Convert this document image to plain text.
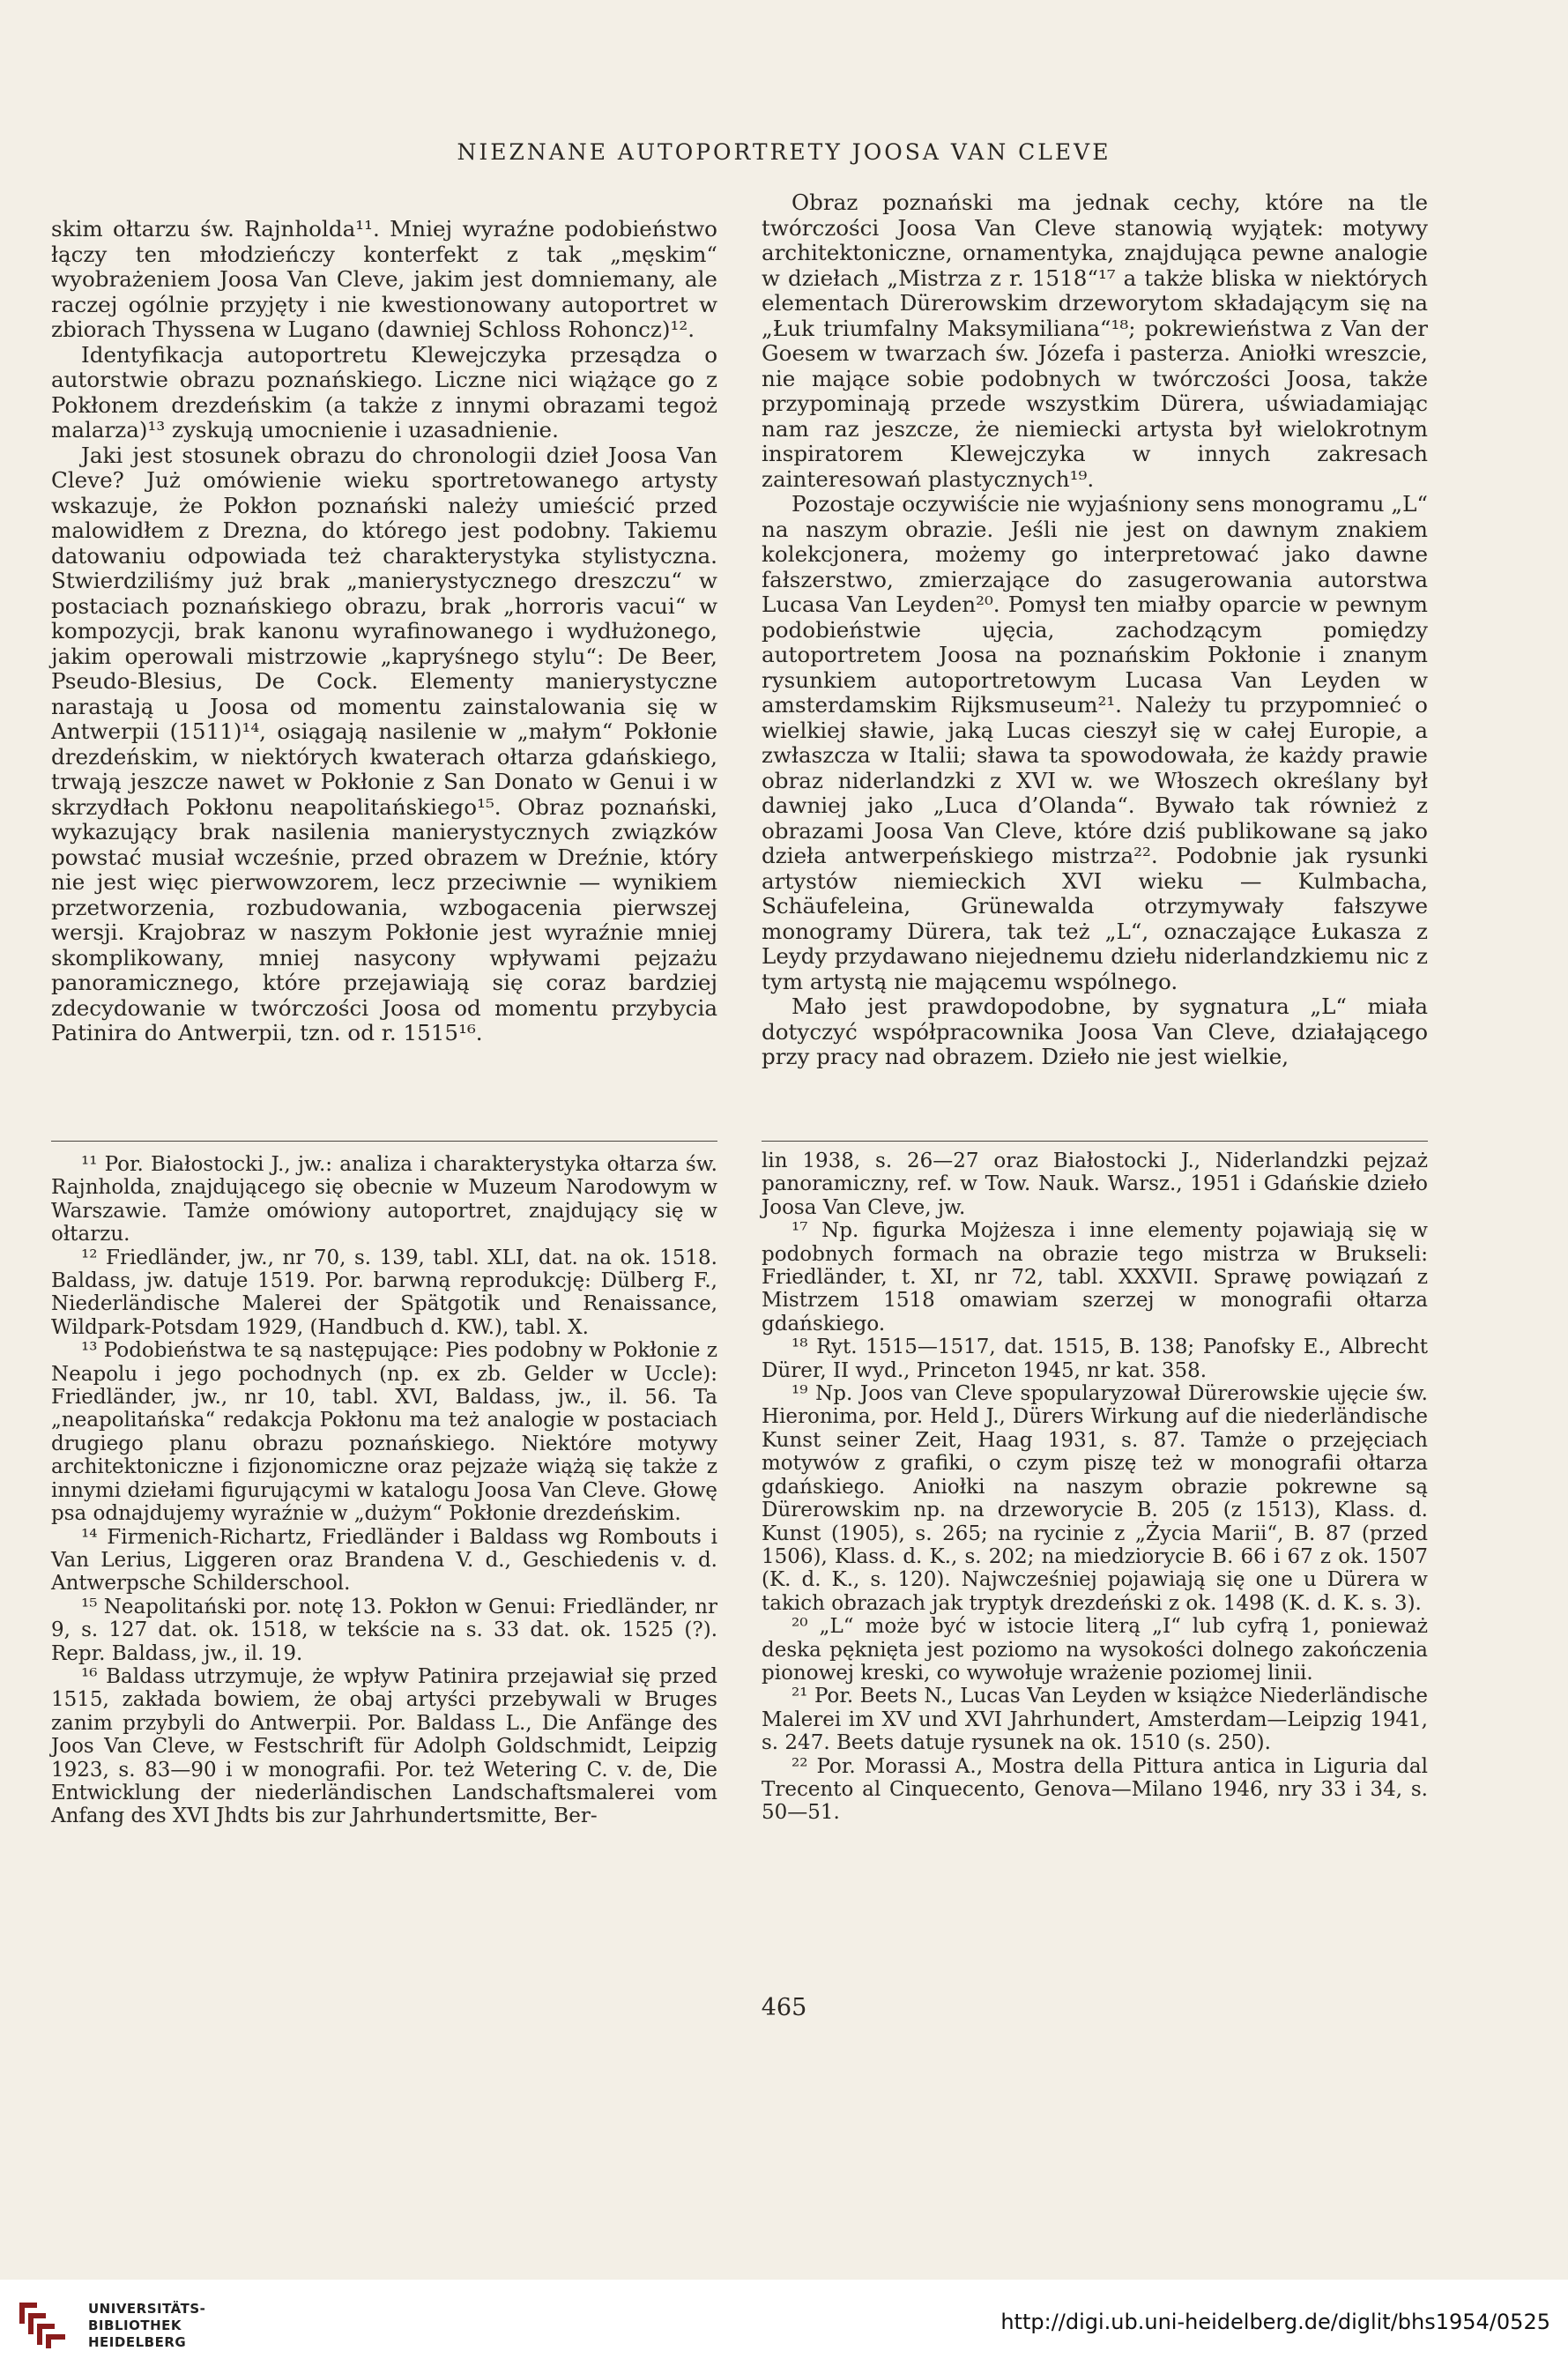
NIEZNANE AUTOPORTRETY JOOSA VAN CLEVE

skim ołtarzu św. Rajnholda¹¹. Mniej wyraźne podobieństwo łączy ten młodzieńczy konterfekt z tak „męskim“ wyobrażeniem Joosa Van Cleve, jakim jest domniemany, ale raczej ogólnie przyjęty i nie kwestionowany autoportret w zbiorach Thyssena w Lugano (dawniej Schloss Rohoncz)¹².

Identyfikacja autoportretu Klewejczyka przesądza o autorstwie obrazu poznańskiego. Liczne nici wiążące go z Pokłonem drezdeńskim (a także z innymi obrazami tegoż malarza)¹³ zyskują umocnienie i uzasadnienie.

Jaki jest stosunek obrazu do chronologii dzieł Joosa Van Cleve? Już omówienie wieku sportretowanego artysty wskazuje, że Pokłon poznański należy umieścić przed malowidłem z Drezna, do którego jest podobny. Takiemu datowaniu odpowiada też charakterystyka stylistyczna. Stwierdziliśmy już brak „manierystycznego dreszczu“ w postaciach poznańskiego obrazu, brak „horroris vacui“ w kompozycji, brak kanonu wyrafinowanego i wydłużonego, jakim operowali mistrzowie „kapryśnego stylu“: De Beer, Pseudo-Blesius, De Cock. Elementy manierystyczne narastają u Joosa od momentu zainstalowania się w Antwerpii (1511)¹⁴, osiągają nasilenie w „małym“ Pokłonie drezdeńskim, w niektórych kwaterach ołtarza gdańskiego, trwają jeszcze nawet w Pokłonie z San Donato w Genui i w skrzydłach Pokłonu neapolitańskiego¹⁵. Obraz poznański, wykazujący brak nasilenia manierystycznych związków powstać musiał wcześnie, przed obrazem w Dreźnie, który nie jest więc pierwowzorem, lecz przeciwnie — wynikiem przetworzenia, rozbudowania, wzbogacenia pierwszej wersji. Krajobraz w naszym Pokłonie jest wyraźnie mniej skomplikowany, mniej nasycony wpływami pejzażu panoramicznego, które przejawiają się coraz bardziej zdecydowanie w twórczości Joosa od momentu przybycia Patinira do Antwerpii, tzn. od r. 1515¹⁶.

Obraz poznański ma jednak cechy, które na tle twórczości Joosa Van Cleve stanowią wyjątek: motywy architektoniczne, ornamentyka, znajdująca pewne analogie w dziełach „Mistrza z r. 1518“¹⁷ a także bliska w niektórych elementach Dürerowskim drzeworytom składającym się na „Łuk triumfalny Maksymiliana“¹⁸; pokrewieństwa z Van der Goesem w twarzach św. Józefa i pasterza. Aniołki wreszcie, nie mające sobie podobnych w twórczości Joosa, także przypominają przede wszystkim Dürera, uświadamiając nam raz jeszcze, że niemiecki artysta był wielokrotnym inspiratorem Klewejczyka w innych zakresach zainteresowań plastycznych¹⁹.

Pozostaje oczywiście nie wyjaśniony sens monogramu „L“ na naszym obrazie. Jeśli nie jest on dawnym znakiem kolekcjonera, możemy go interpretować jako dawne fałszerstwo, zmierzające do zasugerowania autorstwa Lucasa Van Leyden²⁰. Pomysł ten miałby oparcie w pewnym podobieństwie ujęcia, zachodzącym pomiędzy autoportretem Joosa na poznańskim Pokłonie i znanym rysunkiem autoportretowym Lucasa Van Leyden w amsterdamskim Rijksmuseum²¹. Należy tu przypomnieć o wielkiej sławie, jaką Lucas cieszył się w całej Europie, a zwłaszcza w Italii; sława ta spowodowała, że każdy prawie obraz niderlandzki z XVI w. we Włoszech określany był dawniej jako „Luca d’Olanda“. Bywało tak również z obrazami Joosa Van Cleve, które dziś publikowane są jako dzieła antwerpeńskiego mistrza²². Podobnie jak rysunki artystów niemieckich XVI wieku — Kulmbacha, Schäufeleina, Grünewalda otrzymywały fałszywe monogramy Dürera, tak też „L“, oznaczające Łukasza z Leydy przydawano niejednemu dziełu niderlandzkiemu nic z tym artystą nie mającemu wspólnego.

Mało jest prawdopodobne, by sygnatura „L“ miała dotyczyć współpracownika Joosa Van Cleve, działającego przy pracy nad obrazem. Dzieło nie jest wielkie,

¹¹ Por. Białostocki J., jw.: analiza i charakterystyka ołtarza św. Rajnholda, znajdującego się obecnie w Muzeum Narodowym w Warszawie. Tamże omówiony autoportret, znajdujący się w ołtarzu.

¹² Friedländer, jw., nr 70, s. 139, tabl. XLI, dat. na ok. 1518. Baldass, jw. datuje 1519. Por. barwną reprodukcję: Dülberg F., Niederländische Malerei der Spätgotik und Renaissance, Wildpark-Potsdam 1929, (Handbuch d. KW.), tabl. X.

¹³ Podobieństwa te są następujące: Pies podobny w Pokłonie z Neapolu i jego pochodnych (np. ex zb. Gelder w Uccle): Friedländer, jw., nr 10, tabl. XVI, Baldass, jw., il. 56. Ta „neapolitańska“ redakcja Pokłonu ma też analogie w postaciach drugiego planu obrazu poznańskiego. Niektóre motywy architektoniczne i fizjonomiczne oraz pejzaże wiążą się także z innymi dziełami figurującymi w katalogu Joosa Van Cleve. Głowę psa odnajdujemy wyraźnie w „dużym“ Pokłonie drezdeńskim.

¹⁴ Firmenich-Richartz, Friedländer i Baldass wg Rombouts i Van Lerius, Liggeren oraz Brandena V. d., Geschiedenis v. d. Antwerpsche Schilderschool.

¹⁵ Neapolitański por. notę 13. Pokłon w Genui: Friedländer, nr 9, s. 127 dat. ok. 1518, w tekście na s. 33 dat. ok. 1525 (?). Repr. Baldass, jw., il. 19.

¹⁶ Baldass utrzymuje, że wpływ Patinira przejawiał się przed 1515, zakłada bowiem, że obaj artyści przebywali w Bruges zanim przybyli do Antwerpii. Por. Baldass L., Die Anfänge des Joos Van Cleve, w Festschrift für Adolph Goldschmidt, Leipzig 1923, s. 83—90 i w monografii. Por. też Wetering C. v. de, Die Entwicklung der niederländischen Landschaftsmalerei vom Anfang des XVI Jhdts bis zur Jahrhundertsmitte, Ber-

lin 1938, s. 26—27 oraz Białostocki J., Niderlandzki pejzaż panoramiczny, ref. w Tow. Nauk. Warsz., 1951 i Gdańskie dzieło Joosa Van Cleve, jw.

¹⁷ Np. figurka Mojżesza i inne elementy pojawiają się w podobnych formach na obrazie tego mistrza w Brukseli: Friedländer, t. XI, nr 72, tabl. XXXVII. Sprawę powiązań z Mistrzem 1518 omawiam szerzej w monografii ołtarza gdańskiego.

¹⁸ Ryt. 1515—1517, dat. 1515, B. 138; Panofsky E., Albrecht Dürer, II wyd., Princeton 1945, nr kat. 358.

¹⁹ Np. Joos van Cleve spopularyzował Dürerowskie ujęcie św. Hieronima, por. Held J., Dürers Wirkung auf die niederländische Kunst seiner Zeit, Haag 1931, s. 87. Tamże o przejęciach motywów z grafiki, o czym piszę też w monografii ołtarza gdańskiego. Aniołki na naszym obrazie pokrewne są Dürerowskim np. na drzeworycie B. 205 (z 1513), Klass. d. Kunst (1905), s. 265; na rycinie z „Życia Marii“, B. 87 (przed 1506), Klass. d. K., s. 202; na miedziorycie B. 66 i 67 z ok. 1507 (K. d. K., s. 120). Najwcześniej pojawiają się one u Dürera w takich obrazach jak tryptyk drezdeński z ok. 1498 (K. d. K. s. 3).

²⁰ „L“ może być w istocie literą „I“ lub cyfrą 1, ponieważ deska pęknięta jest poziomo na wysokości dolnego zakończenia pionowej kreski, co wywołuje wrażenie poziomej linii.

²¹ Por. Beets N., Lucas Van Leyden w książce Niederländische Malerei im XV und XVI Jahrhundert, Amsterdam—Leipzig 1941, s. 247. Beets datuje rysunek na ok. 1510 (s. 250).

²² Por. Morassi A., Mostra della Pittura antica in Liguria dal Trecento al Cinquecento, Genova—Milano 1946, nry 33 i 34, s. 50—51.

465
UNIVERSITÄTS-
BIBLIOTHEK
HEIDELBERG
http://digi.ub.uni-heidelberg.de/diglit/bhs1954/0525
